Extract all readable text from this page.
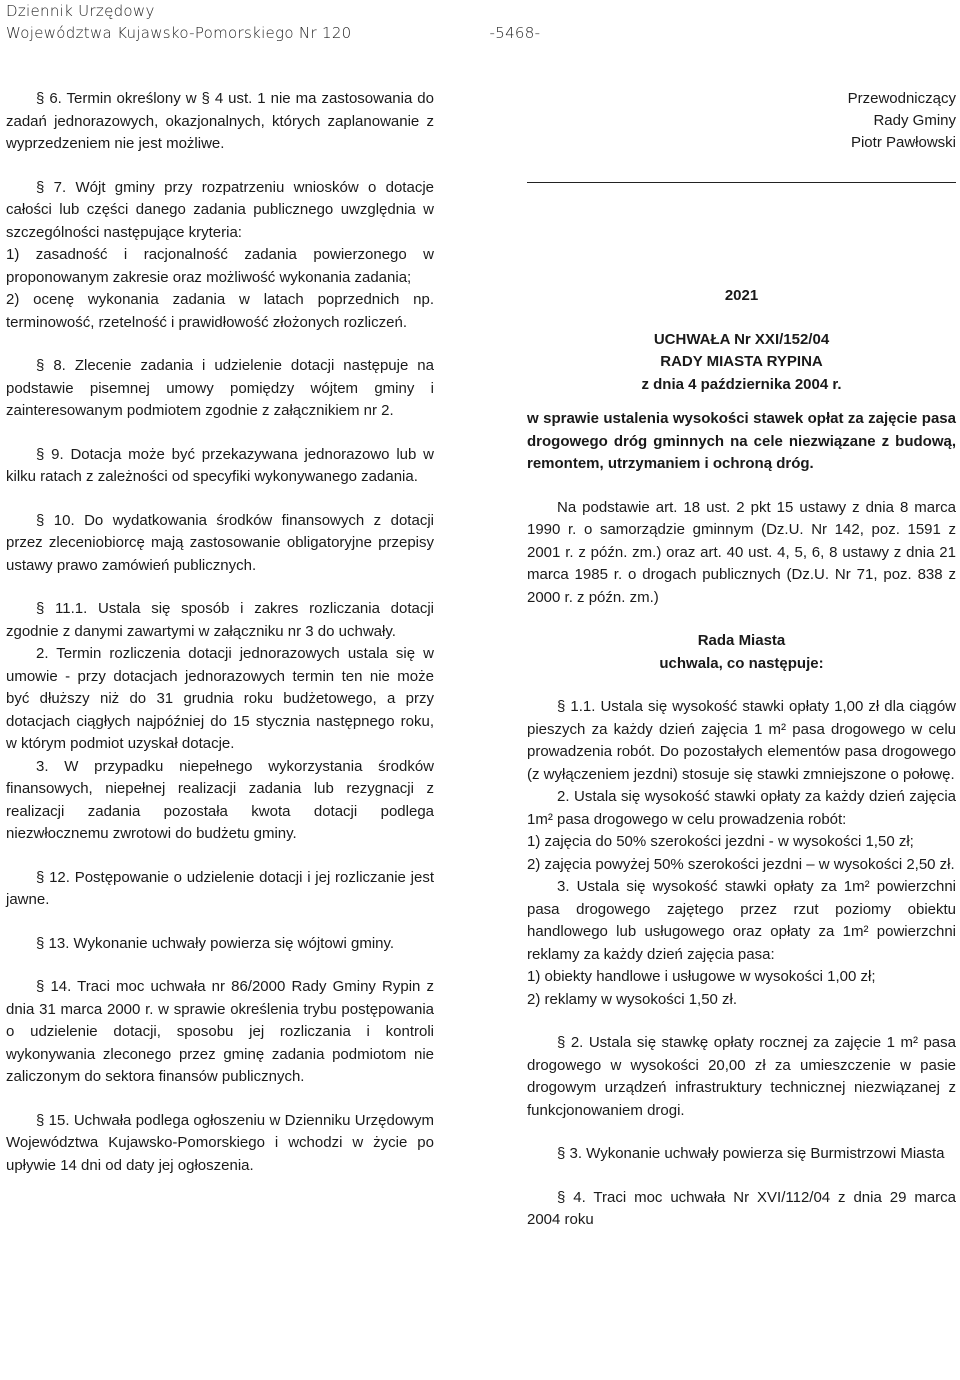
Dziennik Urzędowy
Województwa Kujawsko-Pomorskiego Nr 120	-5468-

§ 6. Termin określony w § 4 ust. 1 nie ma zastosowania do zadań jednorazowych, okazjonalnych, których zaplanowanie z wyprzedzeniem nie jest możliwe.

§ 7. Wójt gminy przy rozpatrzeniu wniosków o dotacje całości lub części danego zadania publicznego uwzględnia w szczególności następujące kryteria:

1) zasadność i racjonalność zadania powierzonego w proponowanym zakresie oraz możliwość wykonania zadania;

2) ocenę wykonania zadania w latach poprzednich np. terminowość, rzetelność i prawidłowość złożonych rozliczeń.

§ 8. Zlecenie zadania i udzielenie dotacji następuje na podstawie pisemnej umowy pomiędzy wójtem gminy i zainteresowanym podmiotem zgodnie z załącznikiem nr 2.

§ 9. Dotacja może być przekazywana jednorazowo lub w kilku ratach z zależności od specyfiki wykonywanego zadania.

§ 10. Do wydatkowania środków finansowych z dotacji przez zleceniobiorcę mają zastosowanie obligatoryjne przepisy ustawy prawo zamówień publicznych.

§ 11.1. Ustala się sposób i zakres rozliczania dotacji zgodnie z danymi zawartymi w załączniku nr 3 do uchwały.

2. Termin rozliczenia dotacji jednorazowych ustala się w umowie - przy dotacjach jednorazowych termin ten nie może być dłuższy niż do 31 grudnia roku budżetowego, a przy dotacjach ciągłych najpóźniej do 15 stycznia następnego roku, w którym podmiot uzyskał dotacje.

3. W przypadku niepełnego wykorzystania środków finansowych, niepełnej realizacji zadania lub rezygnacji z realizacji zadania pozostała kwota dotacji podlega niezwłocznemu zwrotowi do budżetu gminy.

§ 12. Postępowanie o udzielenie dotacji i jej rozliczanie jest jawne.

§ 13. Wykonanie uchwały powierza się wójtowi gminy.

§ 14. Traci moc uchwała nr 86/2000 Rady Gminy Rypin z dnia 31 marca 2000 r. w sprawie określenia trybu postępowania o udzielenie dotacji, sposobu jej rozliczania i kontroli wykonywania zleconego przez gminę zadania podmiotom nie zaliczonym do sektora finansów publicznych.

§ 15. Uchwała podlega ogłoszeniu w Dzienniku Urzędowym Województwa Kujawsko-Pomorskiego i wchodzi w życie po upływie 14 dni od daty jej ogłoszenia.

Przewodniczący
Rady Gminy
Piotr Pawłowski

2021

UCHWAŁA Nr XXI/152/04

RADY MIASTA RYPINA

z dnia 4 października 2004 r.

w sprawie ustalenia wysokości stawek opłat za zajęcie pasa drogowego dróg gminnych na cele niezwiązane z budową, remontem, utrzymaniem i ochroną dróg.

Na podstawie art. 18 ust. 2 pkt 15 ustawy z dnia 8 marca 1990 r. o samorządzie gminnym (Dz.U. Nr 142, poz. 1591 z 2001 r. z późn. zm.) oraz art. 40 ust. 4, 5, 6, 8 ustawy z dnia 21 marca 1985 r. o drogach publicznych (Dz.U. Nr 71, poz. 838 z 2000 r. z późn. zm.)

Rada Miasta

uchwala, co następuje:

§ 1.1. Ustala się wysokość stawki opłaty 1,00 zł dla ciągów pieszych za każdy dzień zajęcia 1 m² pasa drogowego w celu prowadzenia robót. Do pozostałych elementów pasa drogowego (z wyłączeniem jezdni) stosuje się stawki zmniejszone o połowę.

2. Ustala się wysokość stawki opłaty za każdy dzień zajęcia 1m² pasa drogowego w celu prowadzenia robót:

1) zajęcia do 50% szerokości jezdni - w wysokości 1,50 zł;

2) zajęcia powyżej 50% szerokości jezdni – w wysokości 2,50 zł.

3. Ustala się wysokość stawki opłaty za 1m² powierzchni pasa drogowego zajętego przez rzut poziomy obiektu handlowego lub usługowego oraz opłaty za 1m² powierzchni reklamy za każdy dzień zajęcia pasa:

1) obiekty handlowe i usługowe w wysokości 1,00 zł;

2) reklamy w wysokości 1,50 zł.

§ 2. Ustala się stawkę opłaty rocznej za zajęcie 1 m² pasa drogowego w wysokości 20,00 zł za umieszczenie w pasie drogowym urządzeń infrastruktury technicznej niezwiązanej z funkcjonowaniem drogi.

§ 3. Wykonanie uchwały powierza się Burmistrzowi Miasta

§ 4. Traci moc uchwała Nr XVI/112/04 z dnia 29 marca 2004 roku
